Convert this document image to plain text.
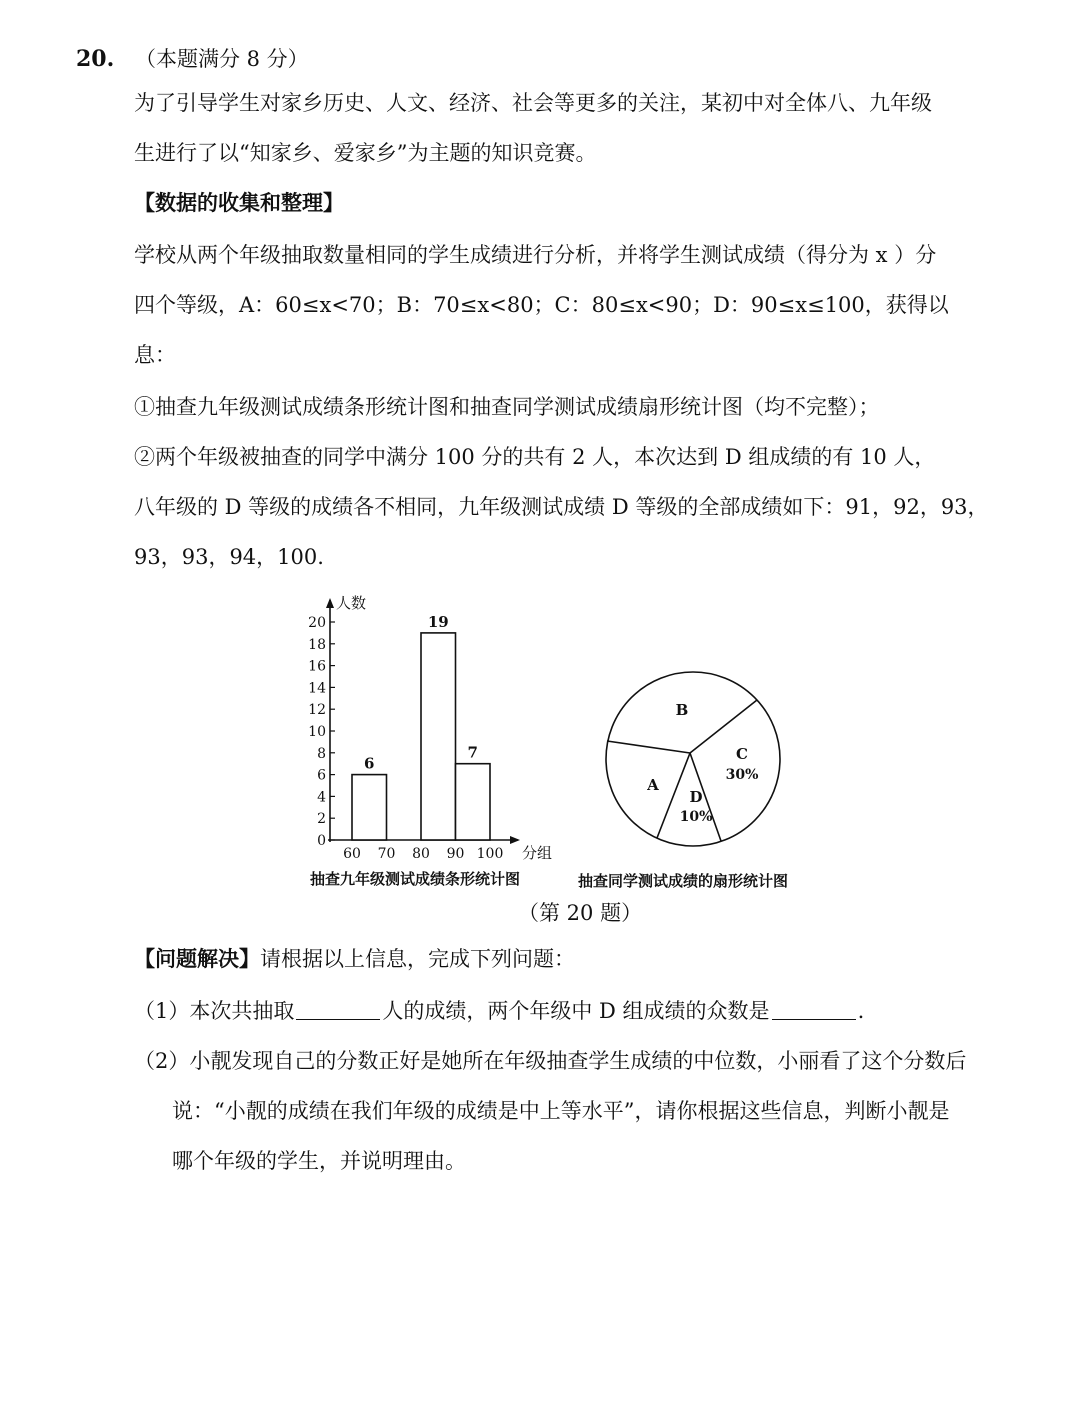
20. （本题满分 8 分）
为了引导学生对家乡历史、人文、经济、社会等更多的关注，某初中对全体八、九年级
生进行了以“知家乡、爱家乡”为主题的知识竞赛。
【数据的收集和整理】
学校从两个年级抽取数量相同的学生成绩进行分析，并将学生测试成绩（得分为 x ）分
四个等级，A：60≤x<70；B：70≤x<80；C：80≤x<90；D：90≤x≤100，获得以
息：
①抽查九年级测试成绩条形统计图和抽查同学测试成绩扇形统计图（均不完整）；
②两个年级被抽查的同学中满分 100 分的共有 2 人，本次达到 D 组成绩的有 10 人，
八年级的 D 等级的成绩各不相同，九年级测试成绩 D 等级的全部成绩如下：91，92，93，
93，93，94，100.
人数
分组
0
2
4
6
8
10
12
14
16
18
20
60 70 80 90 100
6
19
7
抽查九年级测试成绩条形统计图
B
C
30%
D
10%
A
抽查同学测试成绩的扇形统计图
（第 20 题）
【问题解决】请根据以上信息，完成下列问题：
（1）本次共抽取	人的成绩，两个年级中 D 组成绩的众数是	.
（2）小靓发现自己的分数正好是她所在年级抽查学生成绩的中位数，小丽看了这个分数后
说：“小靓的成绩在我们年级的成绩是中上等水平”，请你根据这些信息，判断小靓是
哪个年级的学生，并说明理由。
